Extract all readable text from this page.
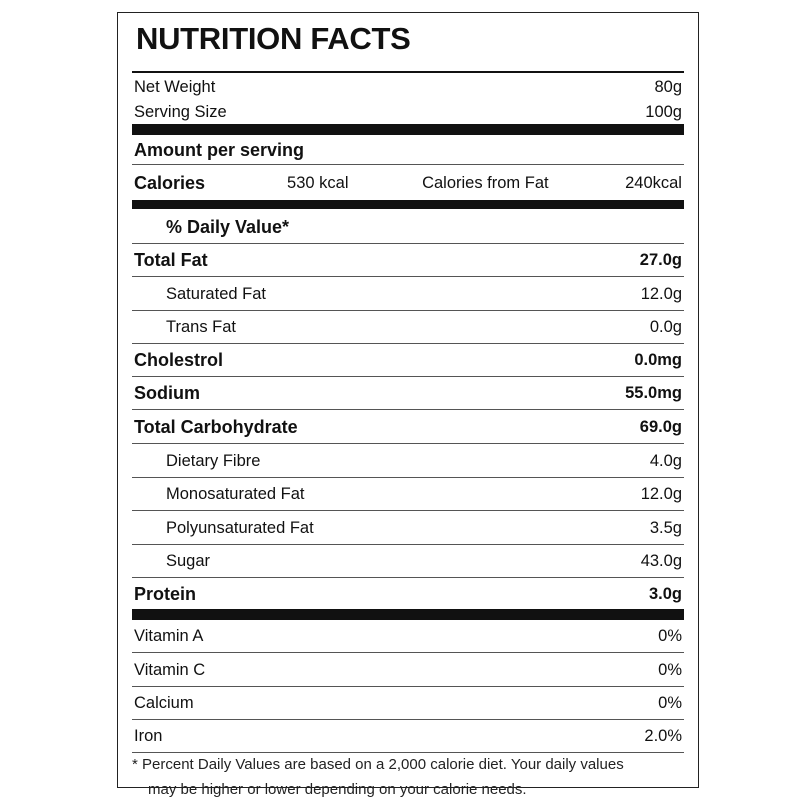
NUTRITION FACTS
Net Weight	80g
Serving Size	100g
Amount per serving
Calories	530 kcal	Calories from Fat	240kcal
% Daily Value*
Total Fat	27.0g
Saturated Fat	12.0g
Trans Fat	0.0g
Cholestrol	0.0mg
Sodium	55.0mg
Total Carbohydrate	69.0g
Dietary Fibre	4.0g
Monosaturated Fat	12.0g
Polyunsaturated Fat	3.5g
Sugar	43.0g
Protein	3.0g
Vitamin A	0%
Vitamin C	0%
Calcium	0%
Iron	2.0%
* Percent Daily Values are based on a 2,000 calorie diet. Your daily values
may be higher or lower depending on your calorie needs.
